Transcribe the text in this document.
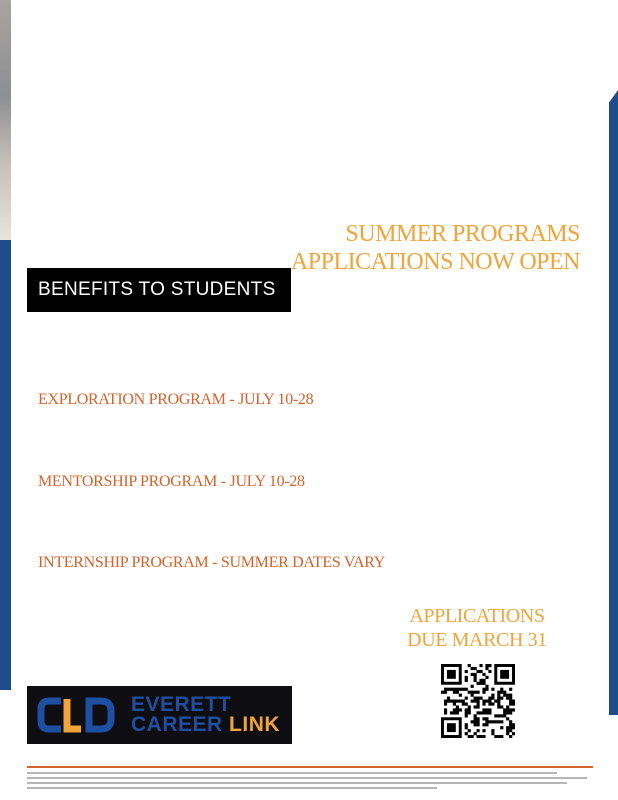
SUMMER PROGRAMS
APPLICATIONS NOW OPEN
BENEFITS TO STUDENTS
EXPLORATION PROGRAM - JULY 10-28
MENTORSHIP PROGRAM - JULY 10-28
INTERNSHIP PROGRAM - SUMMER DATES VARY
APPLICATIONS
DUE MARCH 31
EVERETT
CAREER LINK
